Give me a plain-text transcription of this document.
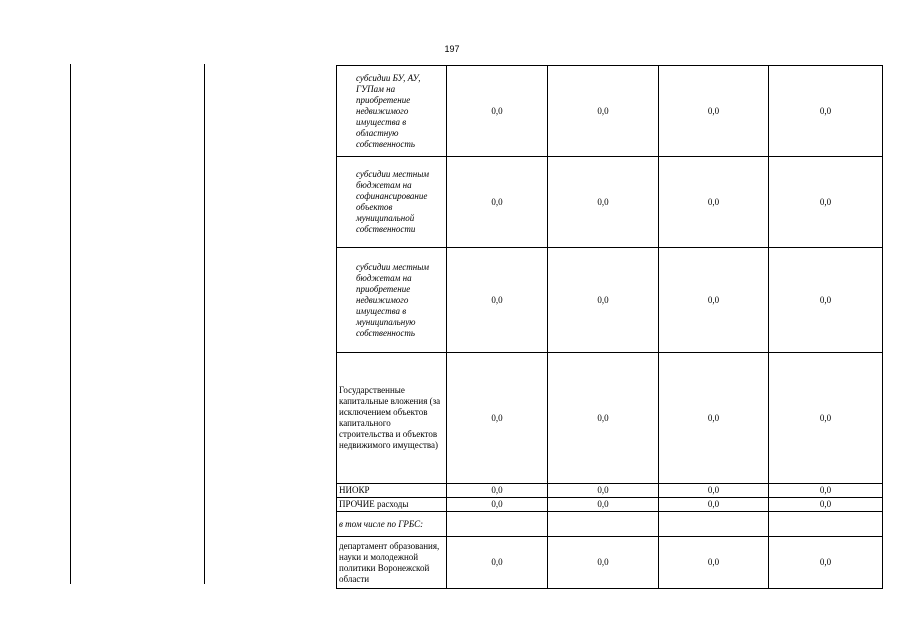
197
субсидии БУ, АУ, ГУПам на приобретение недвижимого имущества в областную собственность	0,0	0,0	0,0	0,0

субсидии местным бюджетам на софинансирование объектов муниципальной собственности	0,0	0,0	0,0	0,0

субсидии местным бюджетам на приобретение недвижимого имущества в муниципальную собственность	0,0	0,0	0,0	0,0

Государственные капитальные вложения (за исключением объектов капитального строительства и объектов недвижимого имущества)	0,0	0,0	0,0	0,0

НИОКР	0,0	0,0	0,0	0,0

ПРОЧИЕ расходы	0,0	0,0	0,0	0,0

в том числе по ГРБС:				

департамент образования, науки и молодежной политики Воронежской области	0,0	0,0	0,0	0,0
